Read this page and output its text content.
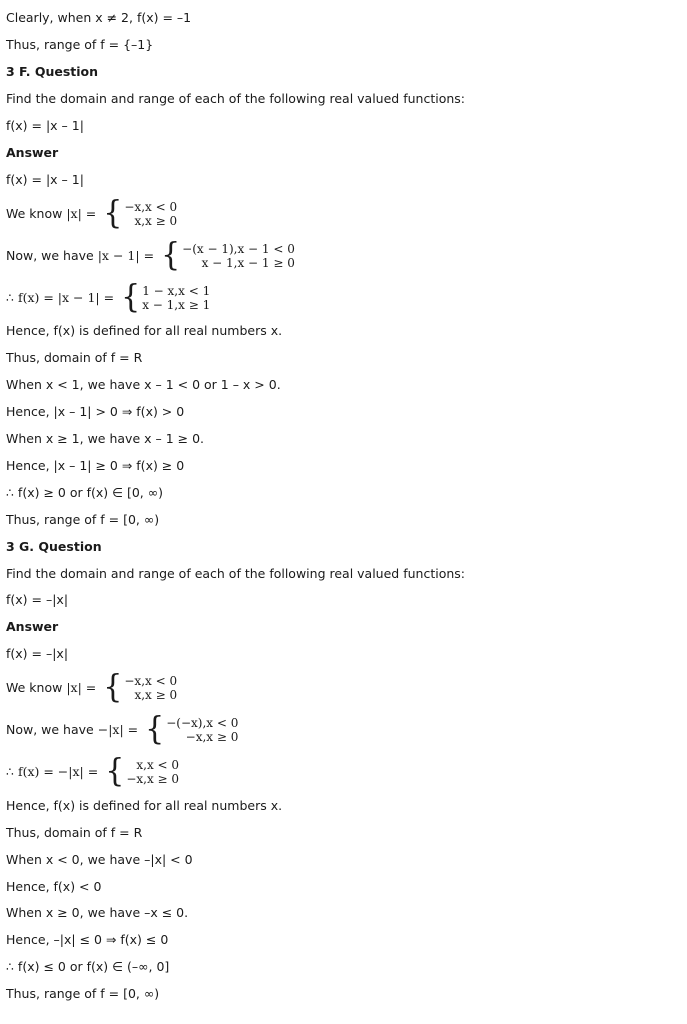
Clearly, when x ≠ 2, f(x) = –1
Thus, range of f = {–1}
3 F. Question
Find the domain and range of each of the following real valued functions:
f(x) = |x – 1|
Answer
f(x) = |x – 1|
We know
|x| = { −x,x < 0
x,x ≥ 0
Now, we have
|x − 1| = { −(x − 1),x − 1 < 0
x − 1,x − 1 ≥ 0
∴
f(x) = |x − 1| = { 1 − x,x < 1
x − 1,x ≥ 1
Hence, f(x) is defined for all real numbers x.
Thus, domain of f = R
When x < 1, we have x – 1 < 0 or 1 – x > 0.
Hence, |x – 1| > 0 ⇒ f(x) > 0
When x ≥ 1, we have x – 1 ≥ 0.
Hence, |x – 1| ≥ 0 ⇒ f(x) ≥ 0
∴ f(x) ≥ 0 or f(x) ∈ [0, ∞)
Thus, range of f = [0, ∞)
3 G. Question
Find the domain and range of each of the following real valued functions:
f(x) = –|x|
Answer
f(x) = –|x|
We know
|x| = { −x,x < 0
x,x ≥ 0
Now, we have
−|x| = { −(−x),x < 0
−x,x ≥ 0
∴
f(x) = −|x| = {	x,x < 0
−x,x ≥ 0
Hence, f(x) is defined for all real numbers x.
Thus, domain of f = R
When x < 0, we have –|x| < 0
Hence, f(x) < 0
When x ≥ 0, we have –x ≤ 0.
Hence, –|x| ≤ 0 ⇒ f(x) ≤ 0
∴ f(x) ≤ 0 or f(x) ∈ (–∞, 0]
Thus, range of f = [0, ∞)
